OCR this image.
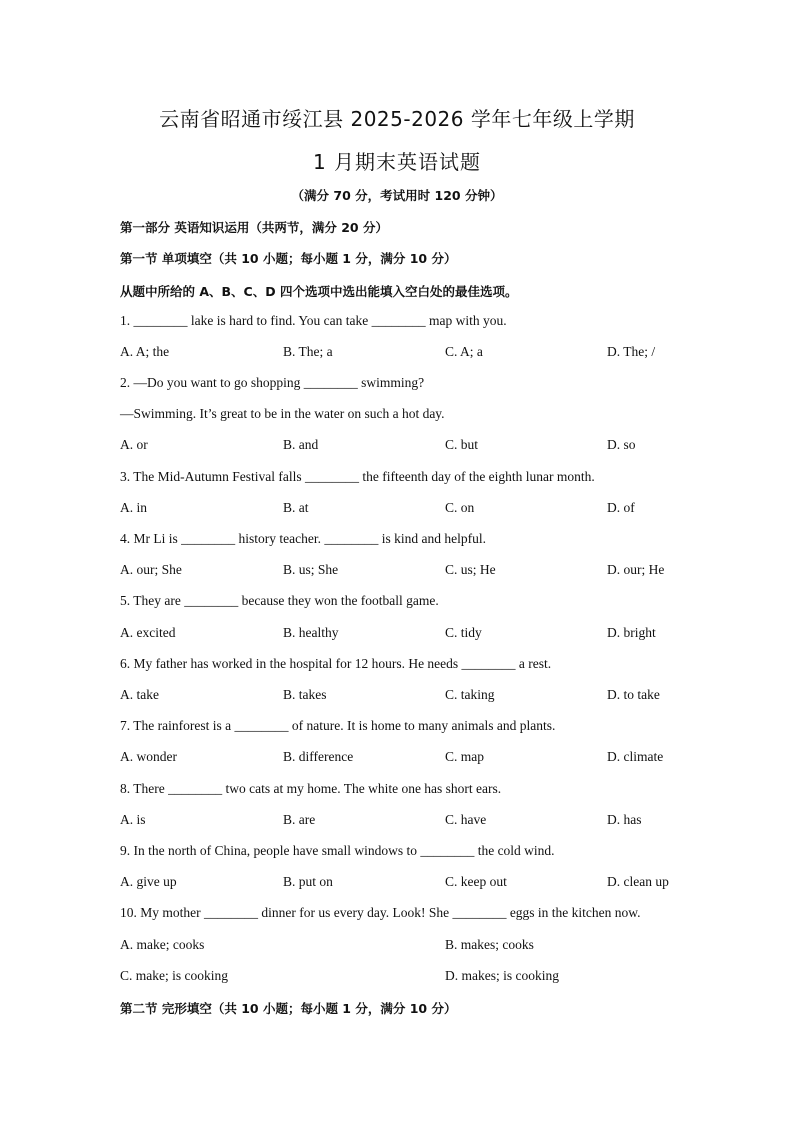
云南省昭通市绥江县 2025-2026 学年七年级上学期
1 月期末英语试题
（满分 70 分，考试用时 120 分钟）
第一部分 英语知识运用（共两节，满分 20 分）
第一节 单项填空（共 10 小题；每小题 1 分，满分 10 分）
从题中所给的 A、B、C、D 四个选项中选出能填入空白处的最佳选项。
1. ________ lake is hard to find. You can take ________ map with you.
A. A; the	B. The; a	C. A; a	D. The; /
2. —Do you want to go shopping ________ swimming?
—Swimming. It’s great to be in the water on such a hot day.
A. or	B. and	C. but	D. so
3. The Mid-Autumn Festival falls ________ the fifteenth day of the eighth lunar month.
A. in	B. at	C. on	D. of
4. Mr Li is ________ history teacher. ________ is kind and helpful.
A. our; She	B. us; She	C. us; He	D. our; He
5. They are ________ because they won the football game.
A. excited	B. healthy	C. tidy	D. bright
6. My father has worked in the hospital for 12 hours. He needs ________ a rest.
A. take	B. takes	C. taking	D. to take
7. The rainforest is a ________ of nature. It is home to many animals and plants.
A. wonder	B. difference	C. map	D. climate
8. There ________ two cats at my home. The white one has short ears.
A. is	B. are	C. have	D. has
9. In the north of China, people have small windows to ________ the cold wind.
A. give up	B. put on	C. keep out	D. clean up
10. My mother ________ dinner for us every day. Look! She ________ eggs in the kitchen now.
A. make; cooks	B. makes; cooks
C. make; is cooking	D. makes; is cooking
第二节 完形填空（共 10 小题；每小题 1 分，满分 10 分）
